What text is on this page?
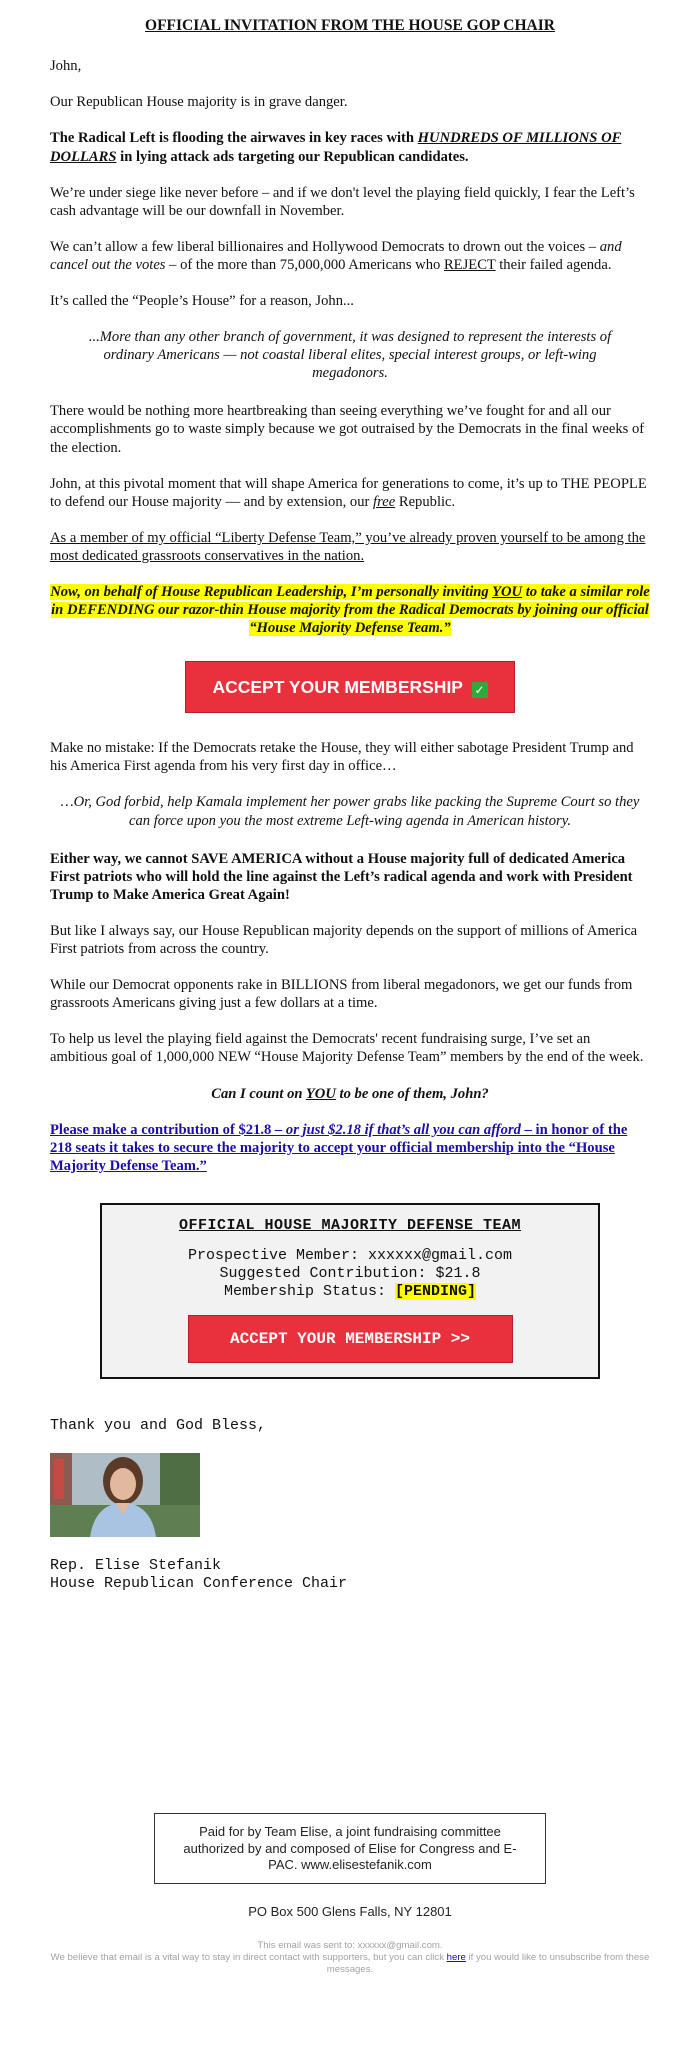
OFFICIAL INVITATION FROM THE HOUSE GOP CHAIR

John,

Our Republican House majority is in grave danger.

The Radical Left is flooding the airwaves in key races with HUNDREDS OF MILLIONS OF DOLLARS in lying attack ads targeting our Republican candidates.

We’re under siege like never before – and if we don't level the playing field quickly, I fear the Left’s cash advantage will be our downfall in November.

We can’t allow a few liberal billionaires and Hollywood Democrats to drown out the voices – and cancel out the votes – of the more than 75,000,000 Americans who REJECT their failed agenda.

It’s called the “People’s House” for a reason, John...

...More than any other branch of government, it was designed to represent the interests of ordinary Americans — not coastal liberal elites, special interest groups, or left-wing megadonors.

There would be nothing more heartbreaking than seeing everything we’ve fought for and all our accomplishments go to waste simply because we got outraised by the Democrats in the final weeks of the election.

John, at this pivotal moment that will shape America for generations to come, it’s up to THE PEOPLE to defend our House majority — and by extension, our free Republic.

As a member of my official “Liberty Defense Team,” you’ve already proven yourself to be among the most dedicated grassroots conservatives in the nation.

Now, on behalf of House Republican Leadership, I’m personally inviting YOU to take a similar role in DEFENDING our razor-thin House majority from the Radical Democrats by joining our official “House Majority Defense Team.”
ACCEPT YOUR MEMBERSHIP ✓

Make no mistake: If the Democrats retake the House, they will either sabotage President Trump and his America First agenda from his very first day in office…

…Or, God forbid, help Kamala implement her power grabs like packing the Supreme Court so they can force upon you the most extreme Left-wing agenda in American history.

Either way, we cannot SAVE AMERICA without a House majority full of dedicated America First patriots who will hold the line against the Left’s radical agenda and work with President Trump to Make America Great Again!

But like I always say, our House Republican majority depends on the support of millions of America First patriots from across the country.

While our Democrat opponents rake in BILLIONS from liberal megadonors, we get our funds from grassroots Americans giving just a few dollars at a time.

To help us level the playing field against the Democrats' recent fundraising surge, I’ve set an ambitious goal of 1,000,000 NEW “House Majority Defense Team” members by the end of the week.

Can I count on YOU to be one of them, John?

Please make a contribution of $21.8 – or just $2.18 if that’s all you can afford – in honor of the 218 seats it takes to secure the majority to accept your official membership into the “House Majority Defense Team.”

OFFICIAL HOUSE MAJORITY DEFENSE TEAM
Prospective Member: xxxxxx@gmail.com
Suggested Contribution: $21.8
Membership Status: [PENDING]
ACCEPT YOUR MEMBERSHIP >>
Thank you and God Bless,
Rep. Elise Stefanik
House Republican Conference Chair
Paid for by Team Elise, a joint fundraising committee authorized by and composed of Elise for Congress and E-PAC. www.elisestefanik.com
PO Box 500 Glens Falls, NY 12801
This email was sent to: xxxxxx@gmail.com.
We believe that email is a vital way to stay in direct contact with supporters, but you can click here if you would like to unsubscribe from these messages.
